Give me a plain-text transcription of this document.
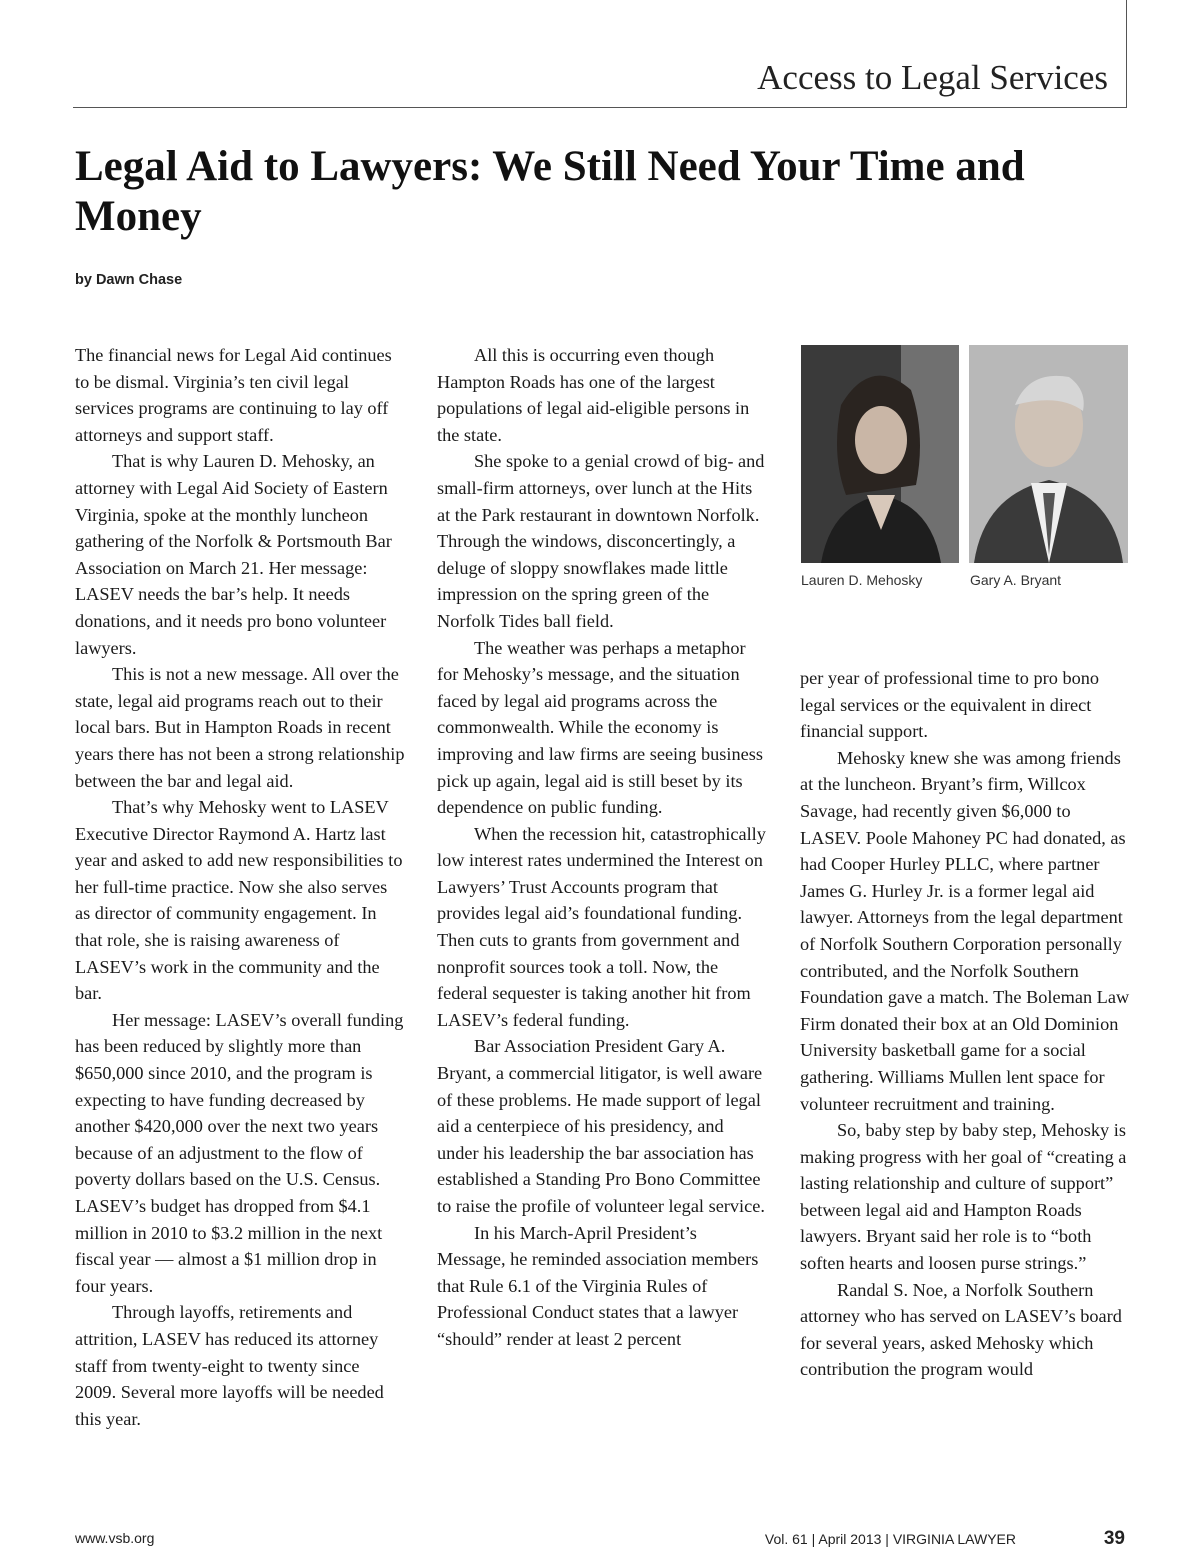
Access to Legal Services
Legal Aid to Lawyers: We Still Need Your Time and Money
by Dawn Chase

The financial news for Legal Aid continues to be dismal. Virginia’s ten civil legal services programs are continuing to lay off attorneys and support staff.

That is why Lauren D. Mehosky, an attorney with Legal Aid Society of Eastern Virginia, spoke at the monthly luncheon gathering of the Norfolk & Portsmouth Bar Association on March 21. Her message: LASEV needs the bar’s help. It needs donations, and it needs pro bono volunteer lawyers.

This is not a new message. All over the state, legal aid programs reach out to their local bars. But in Hampton Roads in recent years there has not been a strong relationship between the bar and legal aid.

That’s why Mehosky went to LASEV Executive Director Raymond A. Hartz last year and asked to add new responsibilities to her full-time practice. Now she also serves as director of community engagement. In that role, she is raising awareness of LASEV’s work in the community and the bar.

Her message: LASEV’s overall funding has been reduced by slightly more than $650,000 since 2010, and the program is expecting to have funding decreased by another $420,000 over the next two years because of an adjustment to the flow of poverty dollars based on the U.S. Census. LASEV’s budget has dropped from $4.1 million in 2010 to $3.2 million in the next fiscal year — almost a $1 million drop in four years.

Through layoffs, retirements and attrition, LASEV has reduced its attorney staff from twenty-eight to twenty since 2009. Several more layoffs will be needed this year.

All this is occurring even though Hampton Roads has one of the largest populations of legal aid-eligible persons in the state.

She spoke to a genial crowd of big- and small-firm attorneys, over lunch at the Hits at the Park restaurant in downtown Norfolk. Through the windows, disconcertingly, a deluge of sloppy snowflakes made little impression on the spring green of the Norfolk Tides ball field.

The weather was perhaps a metaphor for Mehosky’s message, and the situation faced by legal aid programs across the commonwealth. While the economy is improving and law firms are seeing business pick up again, legal aid is still beset by its dependence on public funding.

When the recession hit, catastrophically low interest rates undermined the Interest on Lawyers’ Trust Accounts program that provides legal aid’s foundational funding. Then cuts to grants from government and nonprofit sources took a toll. Now, the federal sequester is taking another hit from LASEV’s federal funding.

Bar Association President Gary A. Bryant, a commercial litigator, is well aware of these problems. He made support of legal aid a centerpiece of his presidency, and under his leadership the bar association has established a Standing Pro Bono Committee to raise the profile of volunteer legal service.

In his March-April President’s Message, he reminded association members that Rule 6.1 of the Virginia Rules of Professional Conduct states that a lawyer “should” render at least 2 percent

Lauren D. Mehosky	Gary A. Bryant

per year of professional time to pro bono legal services or the equivalent in direct financial support.

Mehosky knew she was among friends at the luncheon. Bryant’s firm, Willcox Savage, had recently given $6,000 to LASEV. Poole Mahoney PC had donated, as had Cooper Hurley PLLC, where partner James G. Hurley Jr. is a former legal aid lawyer. Attorneys from the legal department of Norfolk Southern Corporation personally contributed, and the Norfolk Southern Foundation gave a match. The Boleman Law Firm donated their box at an Old Dominion University basketball game for a social gathering. Williams Mullen lent space for volunteer recruitment and training.

So, baby step by baby step, Mehosky is making progress with her goal of “creating a lasting relationship and culture of support” between legal aid and Hampton Roads lawyers. Bryant said her role is to “both soften hearts and loosen purse strings.”

Randal S. Noe, a Norfolk Southern attorney who has served on LASEV’s board for several years, asked Mehosky which contribution the program would

www.vsb.org	Vol. 61 | April 2013 | VIRGINIA LAWYER	39
